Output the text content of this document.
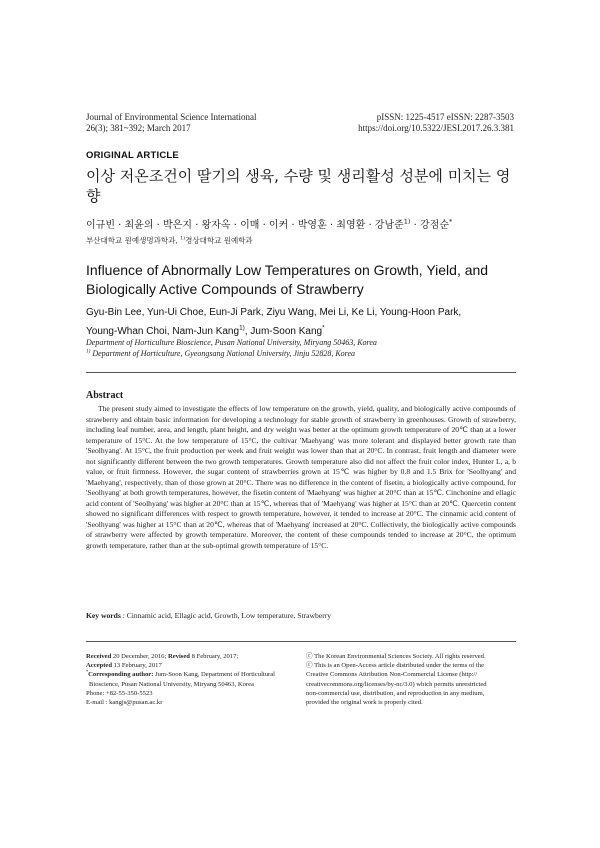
Journal of Environmental Science International
26(3); 381~392; March 2017
pISSN: 1225-4517 eISSN: 2287-3503
https://doi.org/10.5322/JESI.2017.26.3.381
ORIGINAL ARTICLE
이상 저온조건이 딸기의 생육, 수량 및 생리활성 성분에 미치는 영향
이규빈 · 최윤의 · 박은지 · 왕자옥 · 이매 · 이커 · 박영훈 · 최영환 · 강남준$^{1)}$ · 강점순*
부산대학교 원예생명과학과, $^{1)}$경상대학교 원예학과
Influence of Abnormally Low Temperatures on Growth, Yield, and Biologically Active Compounds of Strawberry
Gyu-Bin Lee, Yun-Ui Choe, Eun-Ji Park, Ziyu Wang, Mei Li, Ke Li, Young-Hoon Park,
Young-Whan Choi, Nam-Jun Kang$^{1)}$, Jum-Soon Kang*
Department of Horticulture Bioscience, Pusan National University, Miryang 50463, Korea
$^{1)}$ Department of Horticulture, Gyeongsang National University, Jinju 52828, Korea
Abstract
The present study aimed to investigate the effects of low temperature on the growth, yield, quality, and biologically active compounds of strawberry and obtain basic information for developing a technology for stable growth of strawberry in greenhouses. Growth of strawberry, including leaf number, area, and length, plant height, and dry weight was better at the optimum growth temperature of 20℃ than at a lower temperature of 15°C. At the low temperature of 15°C, the cultivar 'Maehyang' was more tolerant and displayed better growth rate than 'Seolhyang'. At 15°C, the fruit production per week and fruit weight was lower than that at 20°C. In contrast, fruit length and diameter were not significantly different between the two growth temperatures. Growth temperature also did not affect the fruit color index, Hunter L, a, b value, or fruit firmness. However, the sugar content of strawberries grown at 15℃ was higher by 0.8 and 1.5 Brix for 'Seolhyang' and 'Maehyang', respectively, than of those grown at 20°C. There was no difference in the content of fisetin, a biologically active compound, for 'Seolhyang' at both growth temperatures, however, the fisetin content of 'Maehyang' was higher at 20°C than at 15℃. Cinchonine and ellagic acid content of 'Seolhyang' was higher at 20°C than at 15℃, whereas that of 'Maehyang' was higher at 15°C than at 20℃. Quercetin content showed no significant differences with respect to growth temperature, however, it tended to increase at 20°C. The cinnamic acid content of 'Seolhyang' was higher at 15°C than at 20℃, whereas that of 'Maehyang' increased at 20°C. Collectively, the biologically active compounds of strawberry were affected by growth temperature. Moreover, the content of these compounds tended to increase at 20°C, the optimum growth temperature, rather than at the sub-optimal growth temperature of 15°C.
Key words : Cinnamic acid, Ellagic acid, Growth, Low temperature, Strawberry
Received 20 December, 2016; Revised 8 February, 2017;
Accepted 13 February, 2017
*Corresponding author: Jum-Soon Kang, Department of Horticultural
Bioscience, Pusan National University, Miryang 50463, Korea
Phone: +82-55-350-5523
E-mail : kangjs@pusan.ac.kr
ⓒ The Korean Environmental Sciences Society. All rights reserved.
ⓒ This is an Open-Access article distributed under the terms of the
Creative Commons Attribution Non-Commercial License (http://
creativecommons.org/licenses/by-nc/3.0) which permits unrestricted
non-commercial use, distribution, and reproduction in any medium,
provided the original work is properly cited.
